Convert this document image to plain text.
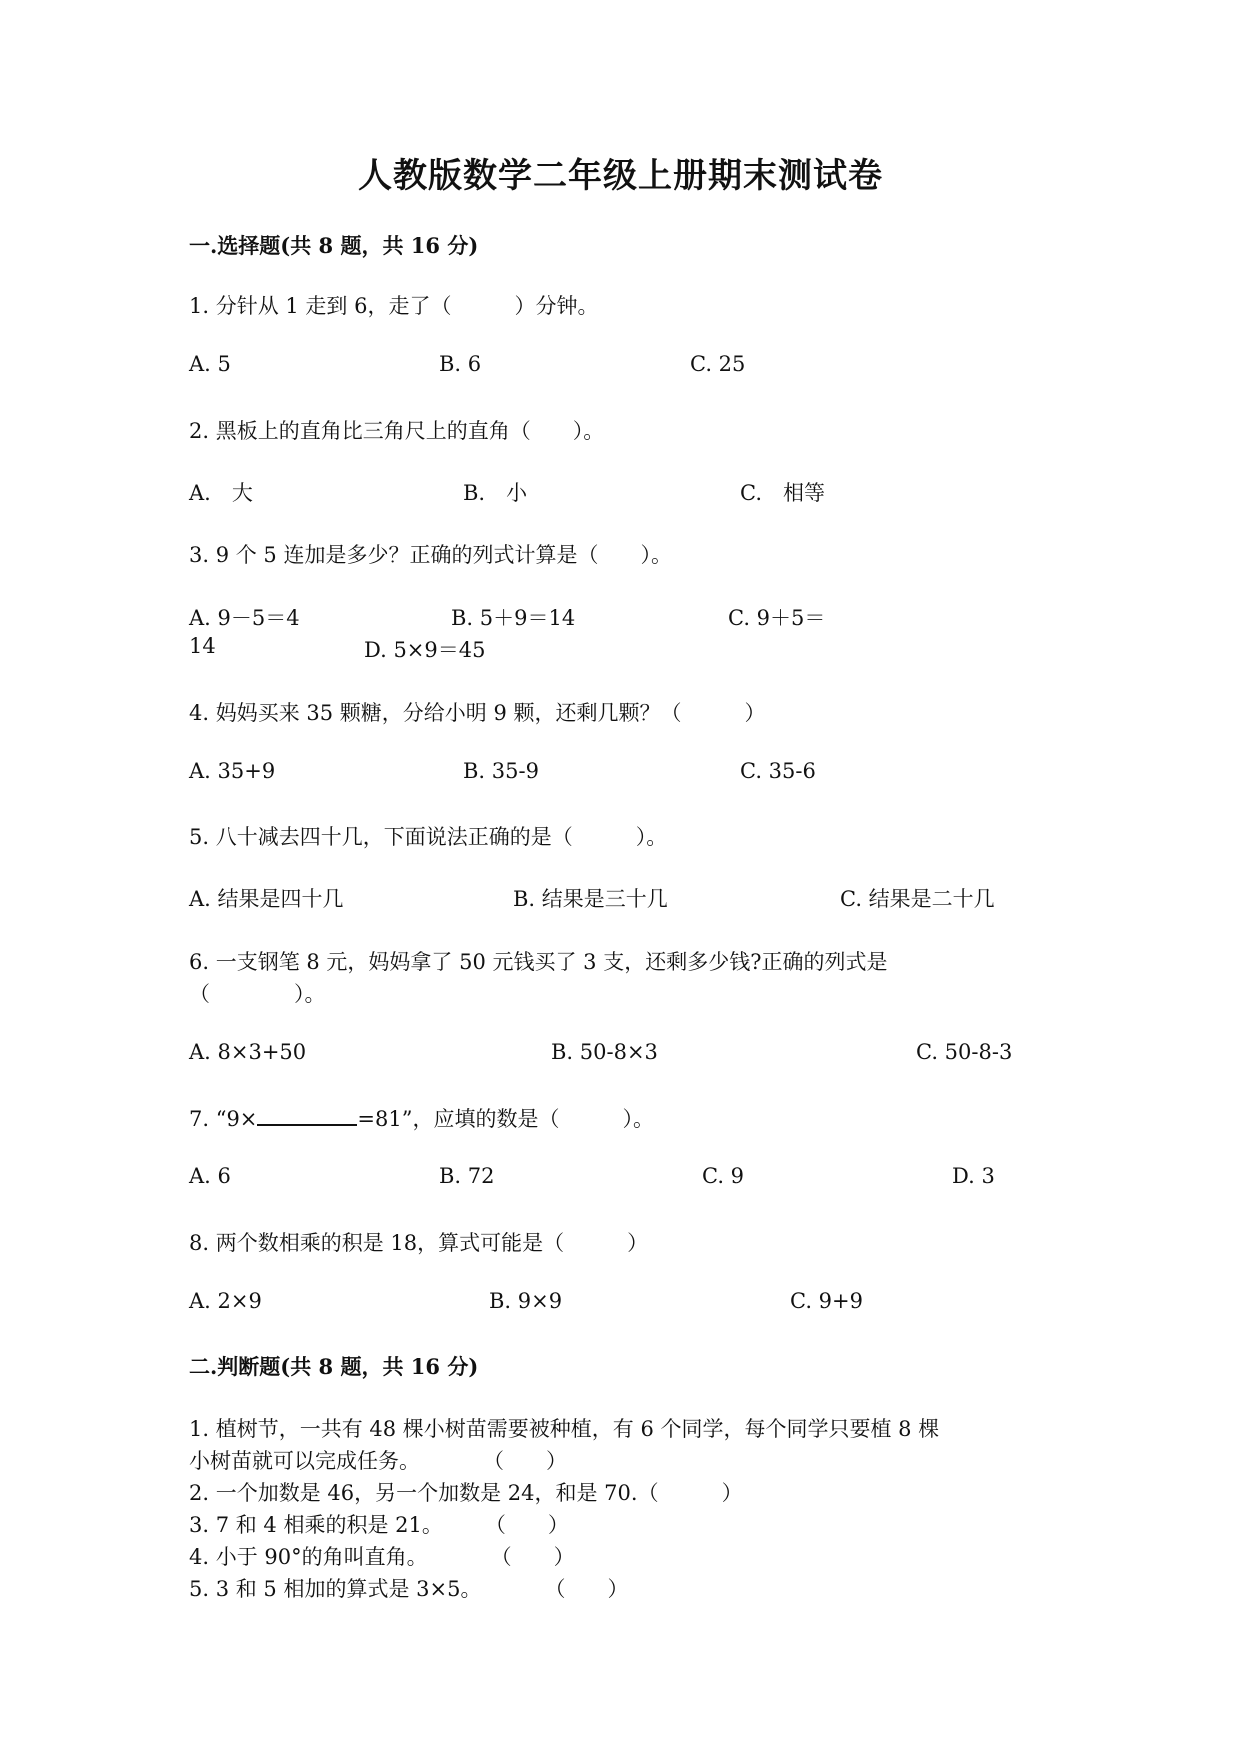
人教版数学二年级上册期末测试卷
一.选择题(共 8 题，共 16 分)
1. 分针从 1 走到 6，走了（　　　）分钟。
A. 5	B. 6	C. 25
2. 黑板上的直角比三角尺上的直角（　　）。
A.　大	B.　小	C.　相等
3. 9 个 5 连加是多少？正确的列式计算是（　　）。
A. 9－5＝4	B. 5＋9＝14	C. 9＋5＝
14	D. 5×9＝45
4. 妈妈买来 35 颗糖，分给小明 9 颗，还剩几颗？（　　　）
A. 35+9	B. 35-9	C. 35-6
5. 八十减去四十几，下面说法正确的是（　　　）。
A. 结果是四十几	B. 结果是三十几	C. 结果是二十几
6. 一支钢笔 8 元，妈妈拿了 50 元钱买了 3 支，还剩多少钱?正确的列式是
（　　　　）。
A. 8×3+50	B. 50-8×3	C. 50-8-3
7. “9×	=81”，应填的数是（　　　）。
A. 6	B. 72	C. 9	D. 3
8. 两个数相乘的积是 18，算式可能是（　　　）
A. 2×9	B. 9×9	C. 9+9
二.判断题(共 8 题，共 16 分)
1. 植树节，一共有 48 棵小树苗需要被种植，有 6 个同学，每个同学只要植 8 棵
小树苗就可以完成任务。　　　　（　　）
2. 一个加数是 46，另一个加数是 24，和是 70.（　　　）
3. 7 和 4 相乘的积是 21。　　　（　　）
4. 小于 90°的角叫直角。　　　　（　　）
5. 3 和 5 相加的算式是 3×5。　　　　（　　）
